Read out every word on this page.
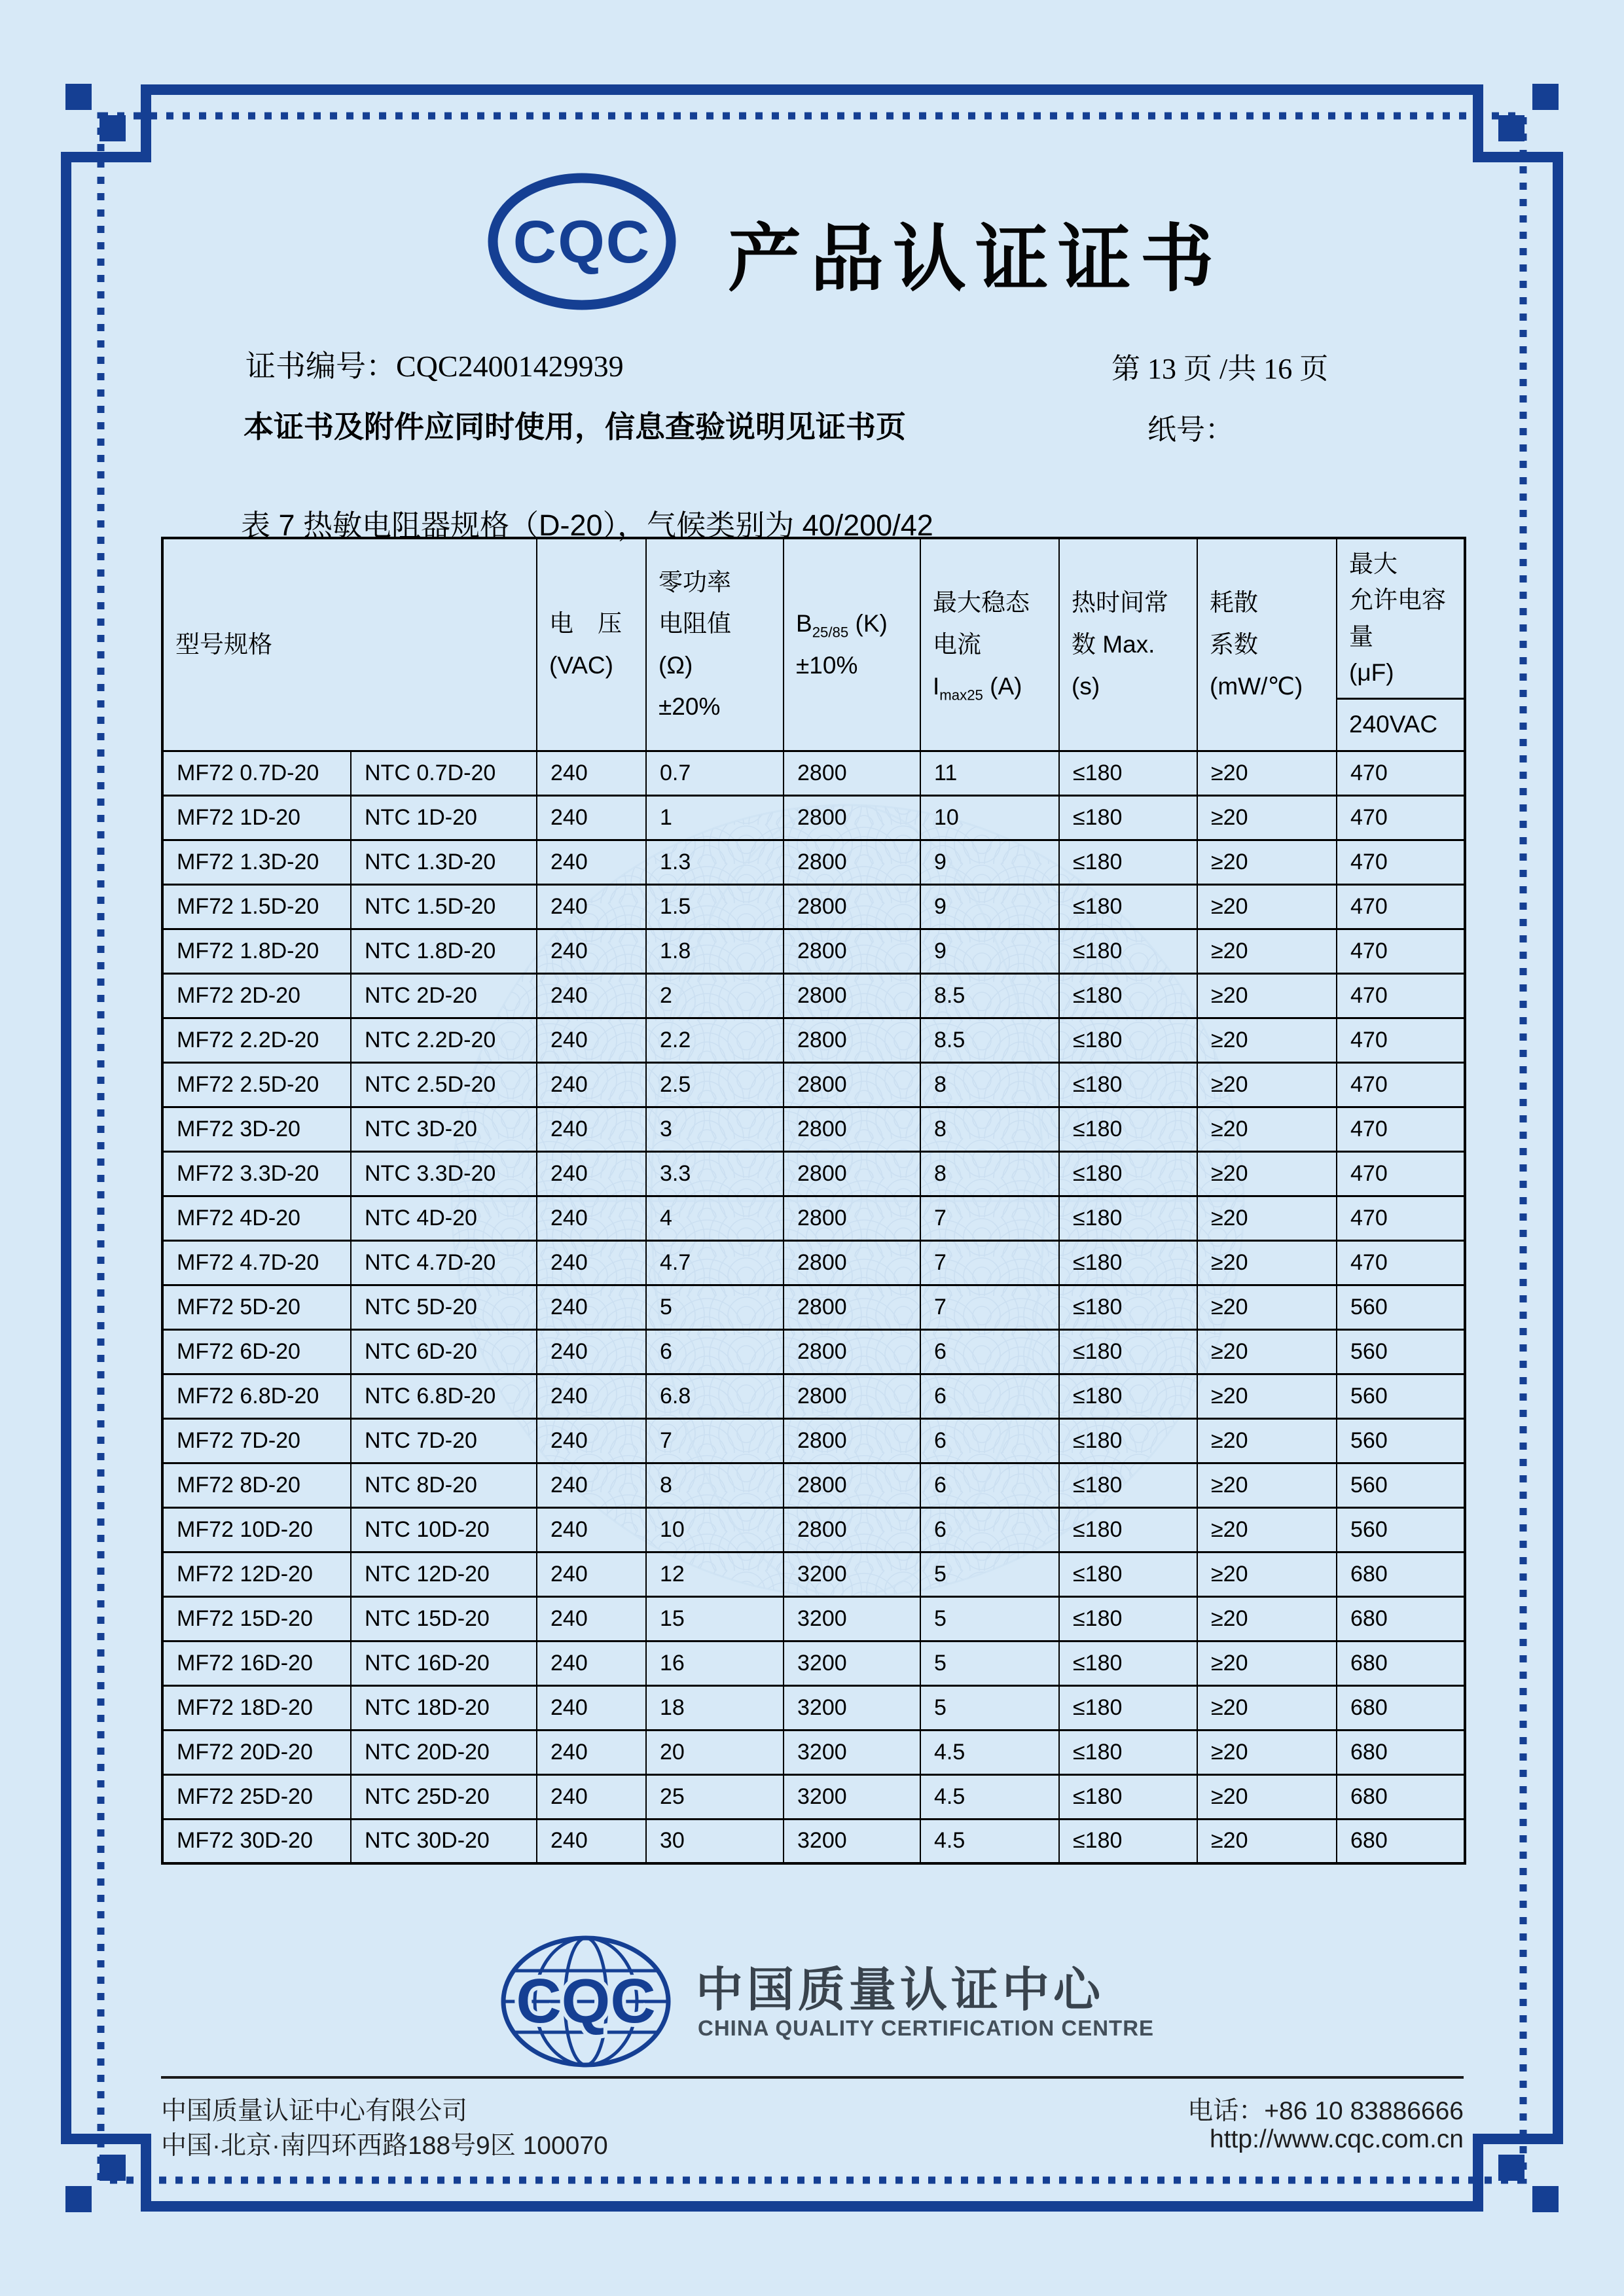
CQC 产品认证证书
证书编号：CQC24001429939	第 13 页 /共 16 页
本证书及附件应同时使用，信息查验说明见证书页	纸号：
表 7 热敏电阻器规格（D-20），气候类别为 40/200/42
型号规格	
电　压
(VAC)

零功率
电阻值
(Ω)
±20%

$B_{25/85}$ (K)
±10%

最大稳态
电流
$I_{max25}$ (A)

热时间常
数 Max.
(s)

耗散
系数
(mW/℃)

最大
允许电容
量
(μF)

								240VAC
MF72 0.7D-20	NTC 0.7D-20	240	0.7	2800	11	≤180	≥20	470
MF72 1D-20	NTC 1D-20	240	1	2800	10	≤180	≥20	470
MF72 1.3D-20	NTC 1.3D-20	240	1.3	2800	9	≤180	≥20	470
MF72 1.5D-20	NTC 1.5D-20	240	1.5	2800	9	≤180	≥20	470
MF72 1.8D-20	NTC 1.8D-20	240	1.8	2800	9	≤180	≥20	470
MF72 2D-20	NTC 2D-20	240	2	2800	8.5	≤180	≥20	470
MF72 2.2D-20	NTC 2.2D-20	240	2.2	2800	8.5	≤180	≥20	470
MF72 2.5D-20	NTC 2.5D-20	240	2.5	2800	8	≤180	≥20	470
MF72 3D-20	NTC 3D-20	240	3	2800	8	≤180	≥20	470
MF72 3.3D-20	NTC 3.3D-20	240	3.3	2800	8	≤180	≥20	470
MF72 4D-20	NTC 4D-20	240	4	2800	7	≤180	≥20	470
MF72 4.7D-20	NTC 4.7D-20	240	4.7	2800	7	≤180	≥20	470
MF72 5D-20	NTC 5D-20	240	5	2800	7	≤180	≥20	560
MF72 6D-20	NTC 6D-20	240	6	2800	6	≤180	≥20	560
MF72 6.8D-20	NTC 6.8D-20	240	6.8	2800	6	≤180	≥20	560
MF72 7D-20	NTC 7D-20	240	7	2800	6	≤180	≥20	560
MF72 8D-20	NTC 8D-20	240	8	2800	6	≤180	≥20	560
MF72 10D-20	NTC 10D-20	240	10	2800	6	≤180	≥20	560
MF72 12D-20	NTC 12D-20	240	12	3200	5	≤180	≥20	680
MF72 15D-20	NTC 15D-20	240	15	3200	5	≤180	≥20	680
MF72 16D-20	NTC 16D-20	240	16	3200	5	≤180	≥20	680
MF72 18D-20	NTC 18D-20	240	18	3200	5	≤180	≥20	680
MF72 20D-20	NTC 20D-20	240	20	3200	4.5	≤180	≥20	680
MF72 25D-20	NTC 25D-20	240	25	3200	4.5	≤180	≥20	680
MF72 30D-20	NTC 30D-20	240	30	3200	4.5	≤180	≥20	680
CQC 中国质量认证中心
CHINA QUALITY CERTIFICATION CENTRE
中国质量认证中心有限公司
中国·北京·南四环西路188号9区 100070
电话：+86 10 83886666
http://www.cqc.com.cn
